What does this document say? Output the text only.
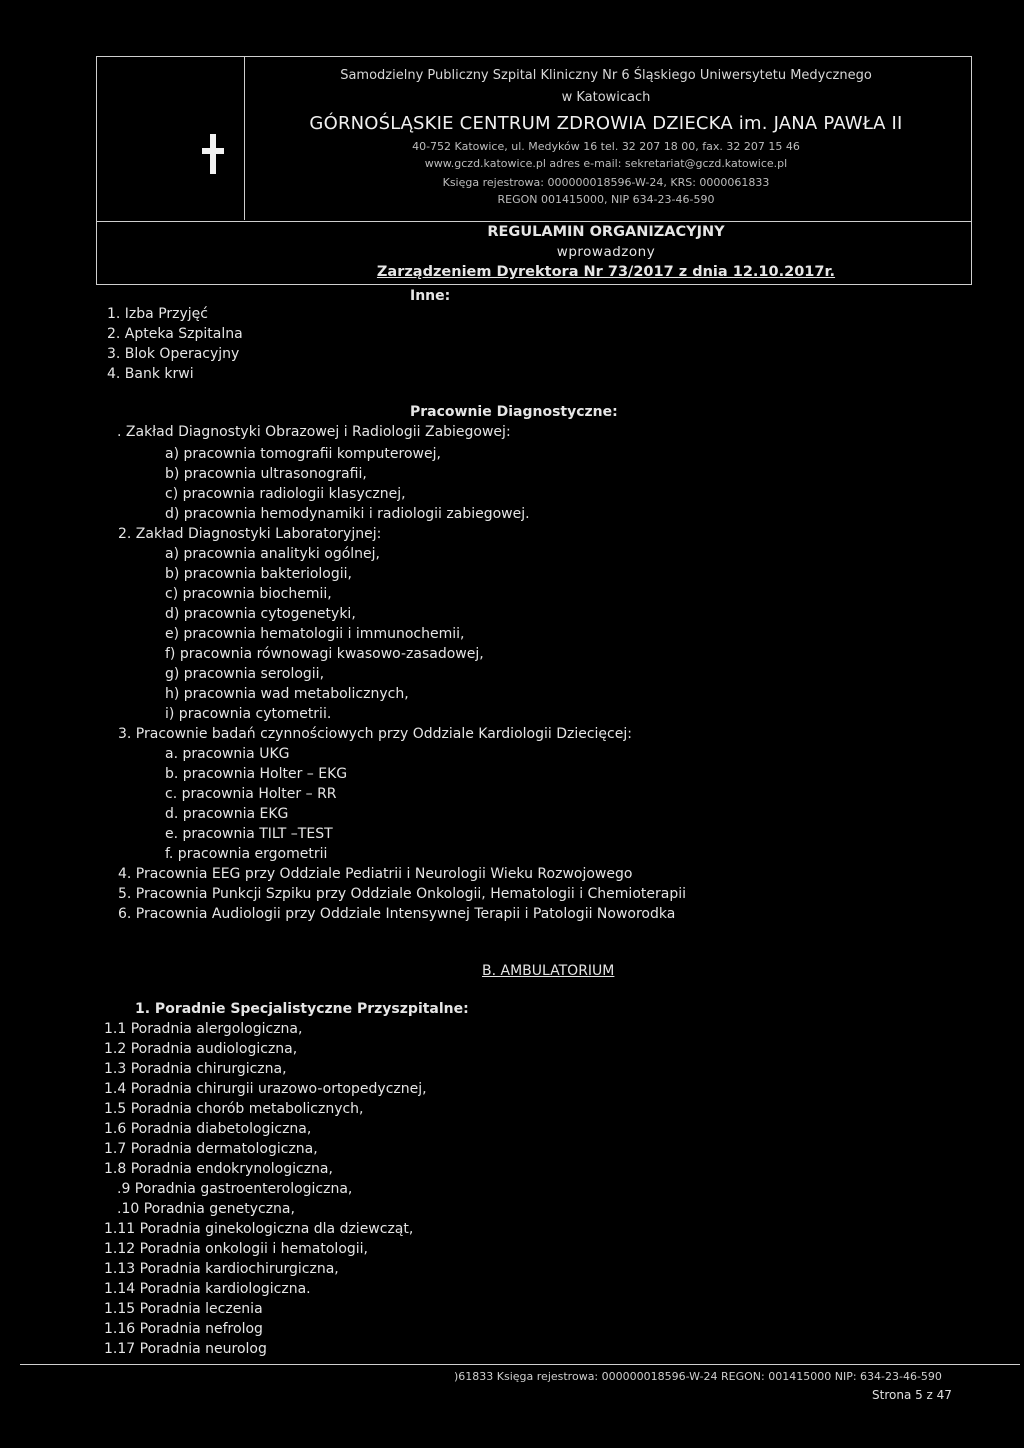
Samodzielny Publiczny Szpital Kliniczny Nr 6 Śląskiego Uniwersytetu Medycznego
w Katowicach
GÓRNOŚLĄSKIE CENTRUM ZDROWIA DZIECKA im. JANA PAWŁA II
40-752 Katowice, ul. Medyków 16 tel. 32 207 18 00, fax. 32 207 15 46
www.gczd.katowice.pl adres e-mail: sekretariat@gczd.katowice.pl
Księga rejestrowa: 000000018596-W-24, KRS: 0000061833
REGON 001415000, NIP 634-23-46-590
REGULAMIN ORGANIZACYJNY
wprowadzony
Zarządzeniem Dyrektora Nr 73/2017 z dnia 12.10.2017r.
Inne:
1. Izba Przyjęć
2. Apteka Szpitalna
3. Blok Operacyjny
4. Bank krwi
Pracownie Diagnostyczne:
. Zakład Diagnostyki Obrazowej i Radiologii Zabiegowej:
a) pracownia tomografii komputerowej,
b) pracownia ultrasonografii,
c) pracownia radiologii klasycznej,
d) pracownia hemodynamiki i radiologii zabiegowej.
2. Zakład Diagnostyki Laboratoryjnej:
a) pracownia analityki ogólnej,
b) pracownia bakteriologii,
c) pracownia biochemii,
d) pracownia cytogenetyki,
e) pracownia hematologii i immunochemii,
f) pracownia równowagi kwasowo-zasadowej,
g) pracownia serologii,
h) pracownia wad metabolicznych,
i) pracownia cytometrii.
3. Pracownie badań czynnościowych przy Oddziale Kardiologii Dziecięcej:
a. pracownia UKG
b. pracownia Holter – EKG
c. pracownia Holter – RR
d. pracownia EKG
e. pracownia TILT –TEST
f. pracownia ergometrii
4. Pracownia EEG przy Oddziale Pediatrii i Neurologii Wieku Rozwojowego
5. Pracownia Punkcji Szpiku przy Oddziale Onkologii, Hematologii i Chemioterapii
6. Pracownia Audiologii przy Oddziale Intensywnej Terapii i Patologii Noworodka
B. AMBULATORIUM
1. Poradnie Specjalistyczne Przyszpitalne:
1.1 Poradnia alergologiczna,
1.2 Poradnia audiologiczna,
1.3 Poradnia chirurgiczna,
1.4 Poradnia chirurgii urazowo-ortopedycznej,
1.5 Poradnia chorób metabolicznych,
1.6 Poradnia diabetologiczna,
1.7 Poradnia dermatologiczna,
1.8 Poradnia endokrynologiczna,
.9 Poradnia gastroenterologiczna,
.10 Poradnia genetyczna,
1.11 Poradnia ginekologiczna dla dziewcząt,
1.12 Poradnia onkologii i hematologii,
1.13 Poradnia kardiochirurgiczna,
1.14 Poradnia kardiologiczna.
1.15 Poradnia leczenia
1.16 Poradnia nefrolog
1.17 Poradnia neurolog
)61833 Księga rejestrowa: 000000018596-W-24 REGON: 001415000 NIP: 634-23-46-590
Strona 5 z 47
